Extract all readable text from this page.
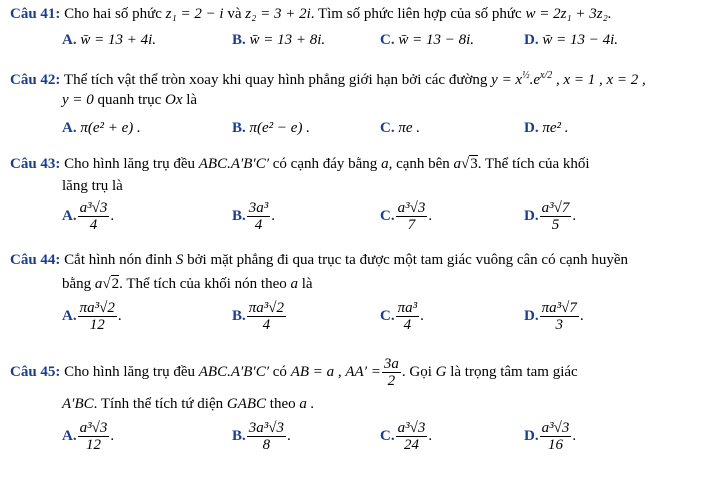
Câu 41: Cho hai số phức z₁ = 2 − i và z₂ = 3 + 2i. Tìm số phức liên hợp của số phức w = 2z₁ + 3z₂.
A. w̄ = 13 + 4i.	B. w̄ = 13 + 8i.	C. w̄ = 13 − 8i.	D. w̄ = 13 − 4i.
Câu 42: Thể tích vật thể tròn xoay khi quay hình phẳng giới hạn bởi các đường $y = x^{\frac{1}{2}}.e^{x/2}$ , x = 1 , x = 2 ,
y = 0 quanh trục Ox là
A. π(e² + e) .	B. π(e² − e) .	C. πe .	D. πe² .
Câu 43: Cho hình lăng trụ đều ABC.A′B′C′ có cạnh đáy bằng a, cạnh bên a√3. Thể tích của khối
lăng trụ là
A. $\frac{\text{a³√3}}{4}$ .	B. $\frac{\text{3a³}}{4}$ .	C. $\frac{\text{a³√3}}{7}$ .	D. $\frac{\text{a³√7}}{5}$ .
Câu 44: Cắt hình nón đỉnh S bởi mặt phẳng đi qua trục ta được một tam giác vuông cân có cạnh huyền
bằng a√2. Thể tích của khối nón theo a là
A. $\frac{\text{πa³√2}}{12}$ .	B. $\frac{\text{πa³√2}}{4}$	C. $\frac{\text{πa³}}{4}$ .	D. $\frac{\text{πa³√7}}{3}$ .
Câu 45: Cho hình lăng trụ đều ABC.A′B′C′ có AB = a , $AA' = \frac{3a}{2}$ . Gọi G là trọng tâm tam giác
A′BC. Tính thể tích tứ diện GABC theo a .
A. $\frac{\text{a³√3}}{12}$ .	B. $\frac{\text{3a³√3}}{8}$ .	C. $\frac{\text{a³√3}}{24}$ .	D. $\frac{\text{a³√3}}{16}$ .
